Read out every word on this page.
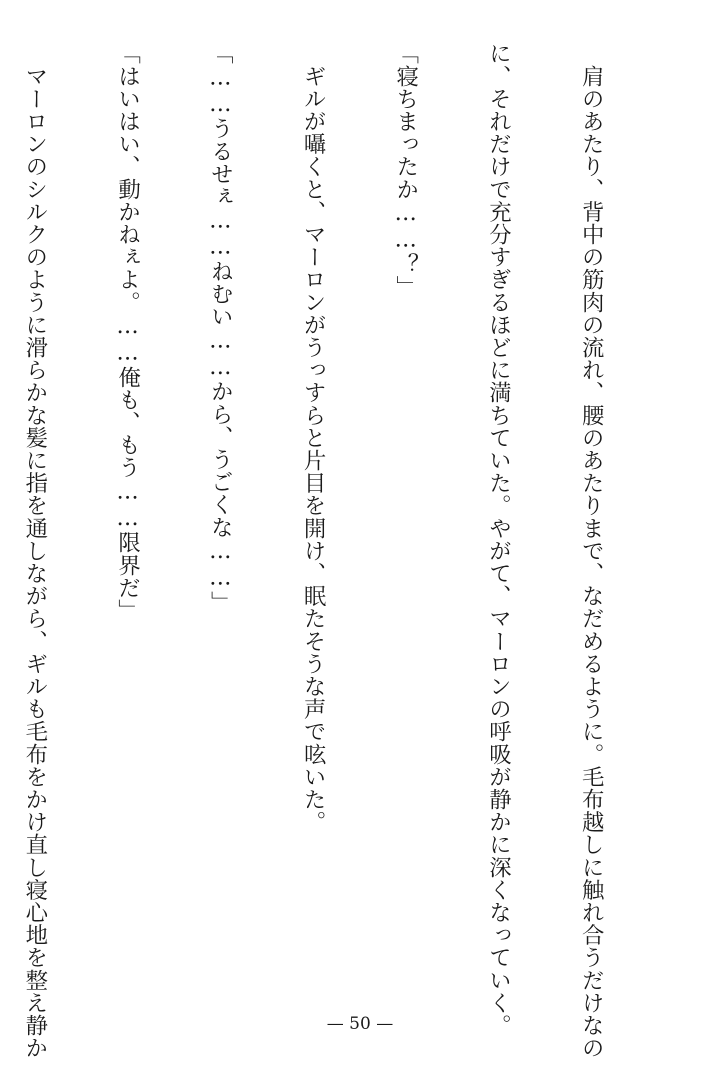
　肩のあたり、背中の筋肉の流れ、腰のあたりまで、なだめるように。毛布越しに触れ合うだけなの

に、それだけで充分すぎるほどに満ちていた。やがて、マーロンの呼吸が静かに深くなっていく。

「寝ちまったか……？」

　ギルが囁くと、マーロンがうっすらと片目を開け、眠たそうな声で呟いた。

「……うるせぇ……ねむい……から、うごくな……」

「はいはい、動かねぇよ。……俺も、もう……限界だ」

　マーロンのシルクのように滑らかな髪に指を通しながら、ギルも毛布をかけ直し寝心地を整え静か

	— 50 —
